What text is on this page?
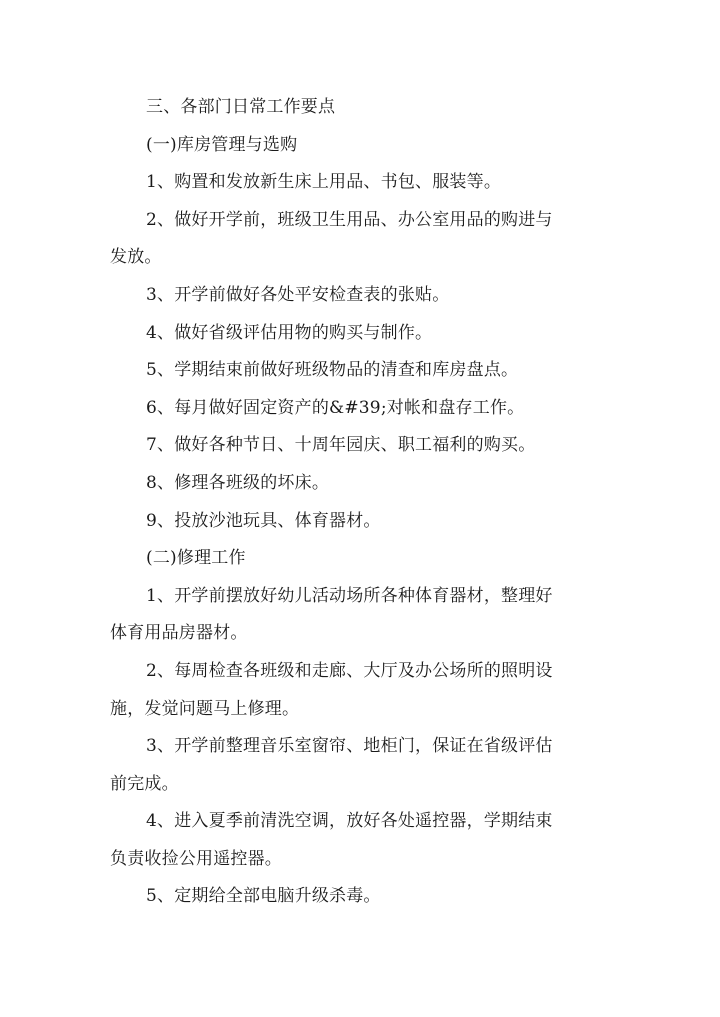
三、各部门日常工作要点
(一)库房管理与选购
1、购置和发放新生床上用品、书包、服装等。
2、做好开学前，班级卫生用品、办公室用品的购进与
发放。
3、开学前做好各处平安检查表的张贴。
4、做好省级评估用物的购买与制作。
5、学期结束前做好班级物品的清查和库房盘点。
6、每月做好固定资产的&#39;对帐和盘存工作。
7、做好各种节日、十周年园庆、职工福利的购买。
8、修理各班级的坏床。
9、投放沙池玩具、体育器材。
(二)修理工作
1、开学前摆放好幼儿活动场所各种体育器材，整理好
体育用品房器材。
2、每周检查各班级和走廊、大厅及办公场所的照明设
施，发觉问题马上修理。
3、开学前整理音乐室窗帘、地柜门，保证在省级评估
前完成。
4、进入夏季前清洗空调，放好各处遥控器，学期结束
负责收捡公用遥控器。
5、定期给全部电脑升级杀毒。
